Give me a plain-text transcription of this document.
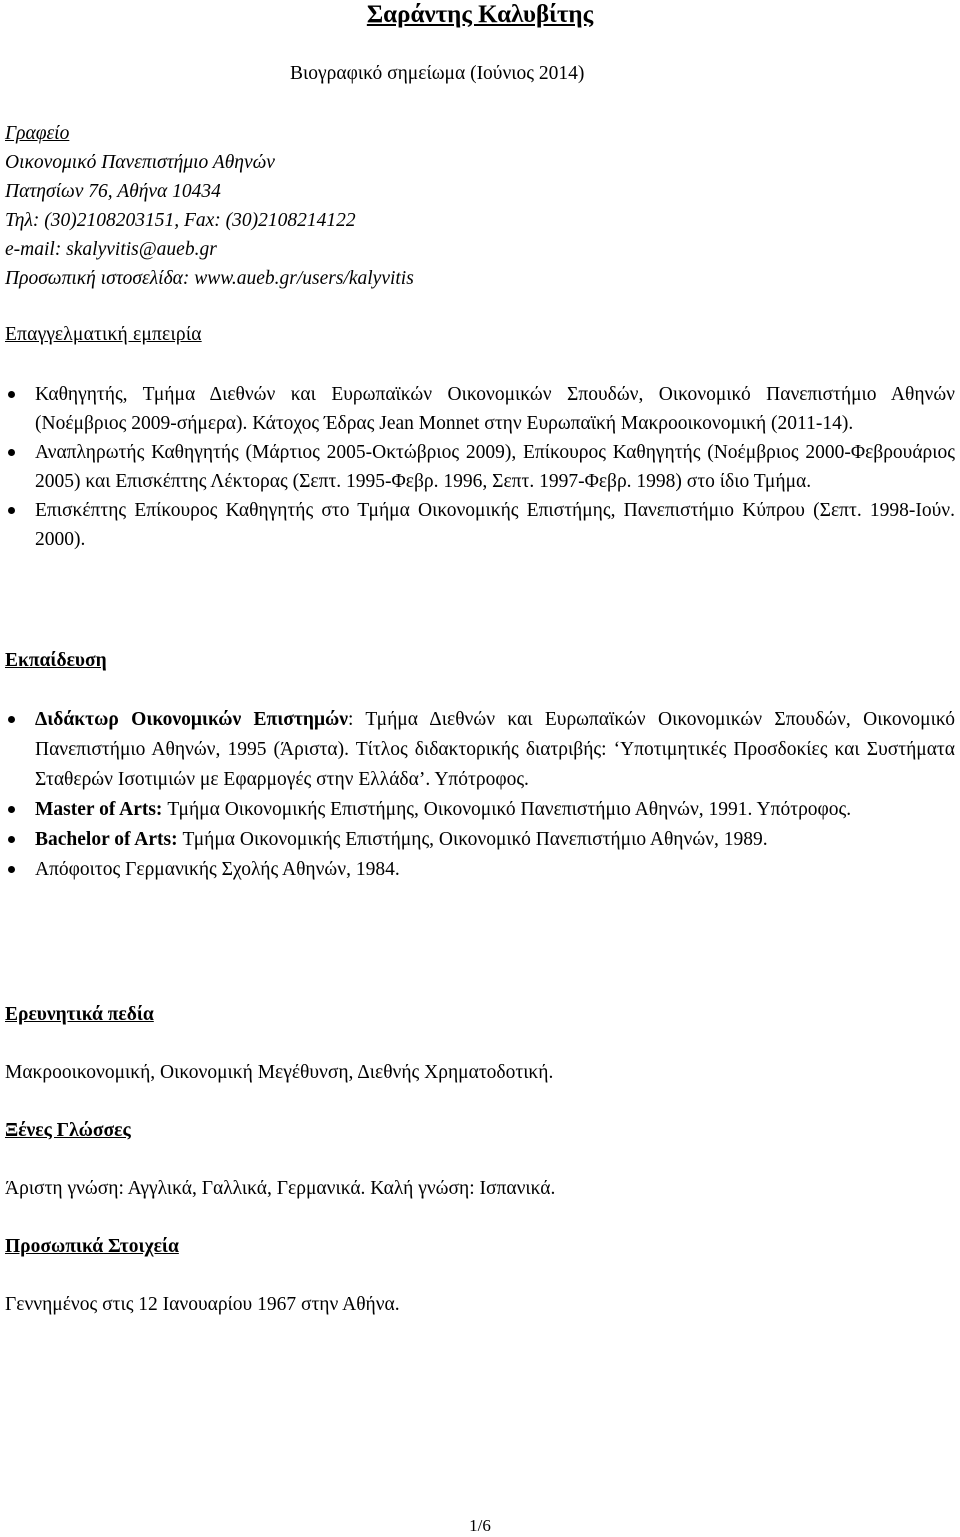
Σαράντης Καλυβίτης
Βιογραφικό σημείωμα (Ιούνιος 2014)
Γραφείο
Οικονομικό Πανεπιστήμιο Αθηνών
Πατησίων 76, Αθήνα 10434
Τηλ: (30)2108203151, Fax: (30)2108214122
e-mail: skalyvitis@aueb.gr
Προσωπική ιστοσελίδα: www.aueb.gr/users/kalyvitis
Επαγγελματική εμπειρία
Καθηγητής, Τμήμα Διεθνών και Ευρωπαϊκών Οικονομικών Σπουδών, Οικονομικό Πανεπιστήμιο Αθηνών (Νοέμβριος 2009-σήμερα). Κάτοχος Έδρας Jean Monnet στην Ευρωπαϊκή Μακροοικονομική (2011-14).
Αναπληρωτής Καθηγητής (Μάρτιος 2005-Οκτώβριος 2009), Επίκουρος Καθηγητής (Νοέμβριος 2000-Φεβρουάριος 2005) και Επισκέπτης Λέκτορας (Σεπτ. 1995-Φεβρ. 1996, Σεπτ. 1997-Φεβρ. 1998) στο ίδιο Τμήμα.
Επισκέπτης Επίκουρος Καθηγητής στο Τμήμα Οικονομικής Επιστήμης, Πανεπιστήμιο Κύπρου (Σεπτ. 1998-Ιούν. 2000).
Εκπαίδευση
Διδάκτωρ Οικονομικών Επιστημών: Τμήμα Διεθνών και Ευρωπαϊκών Οικονομικών Σπουδών, Οικονομικό Πανεπιστήμιο Αθηνών, 1995 (Άριστα). Τίτλος διδακτορικής διατριβής: ‘Υποτιμητικές Προσδοκίες και Συστήματα Σταθερών Ισοτιμιών με Εφαρμογές στην Ελλάδα’. Υπότροφος.
Master of Arts: Τμήμα Οικονομικής Επιστήμης, Οικονομικό Πανεπιστήμιο Αθηνών, 1991. Υπότροφος.
Bachelor of Arts: Τμήμα Οικονομικής Επιστήμης, Οικονομικό Πανεπιστήμιο Αθηνών, 1989.
Απόφοιτος Γερμανικής Σχολής Αθηνών, 1984.
Ερευνητικά πεδία
Μακροοικονομική, Οικονομική Μεγέθυνση, Διεθνής Χρηματοδοτική.
Ξένες Γλώσσες
Άριστη γνώση: Αγγλικά, Γαλλικά, Γερμανικά. Καλή γνώση: Ισπανικά.
Προσωπικά Στοιχεία
Γεννημένος στις 12 Ιανουαρίου 1967 στην Αθήνα.
1/6
